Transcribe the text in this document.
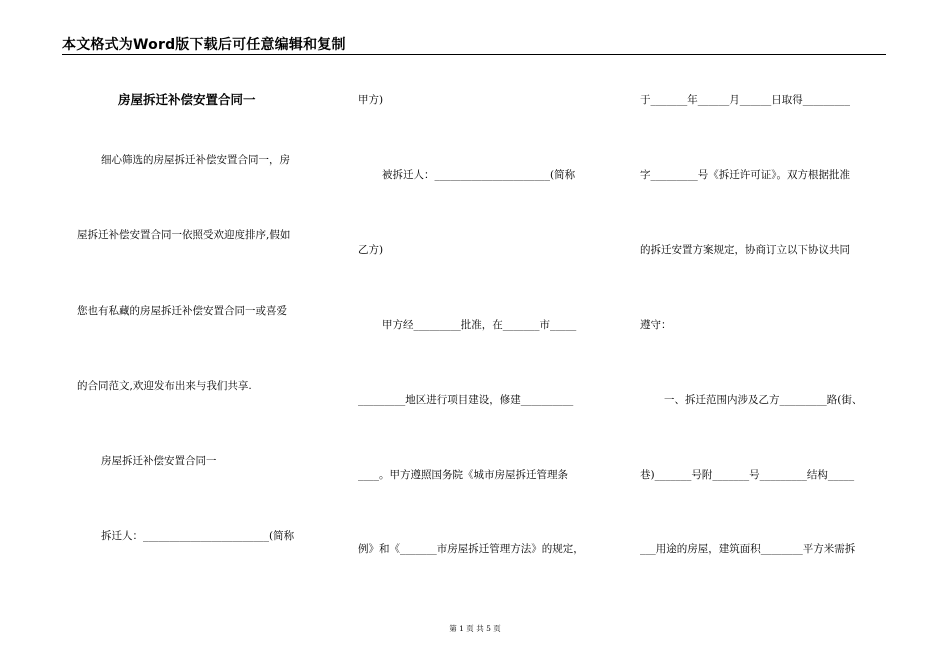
本文格式为Word版下载后可任意编辑和复制
房屋拆迁补偿安置合同一
细心筛选的房屋拆迁补偿安置合同一，房
屋拆迁补偿安置合同一依照受欢迎度排序,假如
您也有私藏的房屋拆迁补偿安置合同一或喜爱
的合同范文,欢迎发布出来与我们共享.
房屋拆迁补偿安置合同一
拆迁人：________________________(简称
甲方)
被拆迁人：______________________(简称
乙方)
甲方经_________批准，在_______市_____
_________地区进行项目建设，修建__________
____。甲方遵照国务院《城市房屋拆迁管理条
例》和《_______市房屋拆迁管理方法》的规定，
于_______年______月______日取得_________
字_________号《拆迁许可证》。双方根据批准
的拆迁安置方案规定，协商订立以下协议共同
遵守：
一、拆迁范围内涉及乙方_________路(街、
巷)_______号附_______号_________结构_____
___用途的房屋，建筑面积________平方米需拆
第 1 页 共 5 页
